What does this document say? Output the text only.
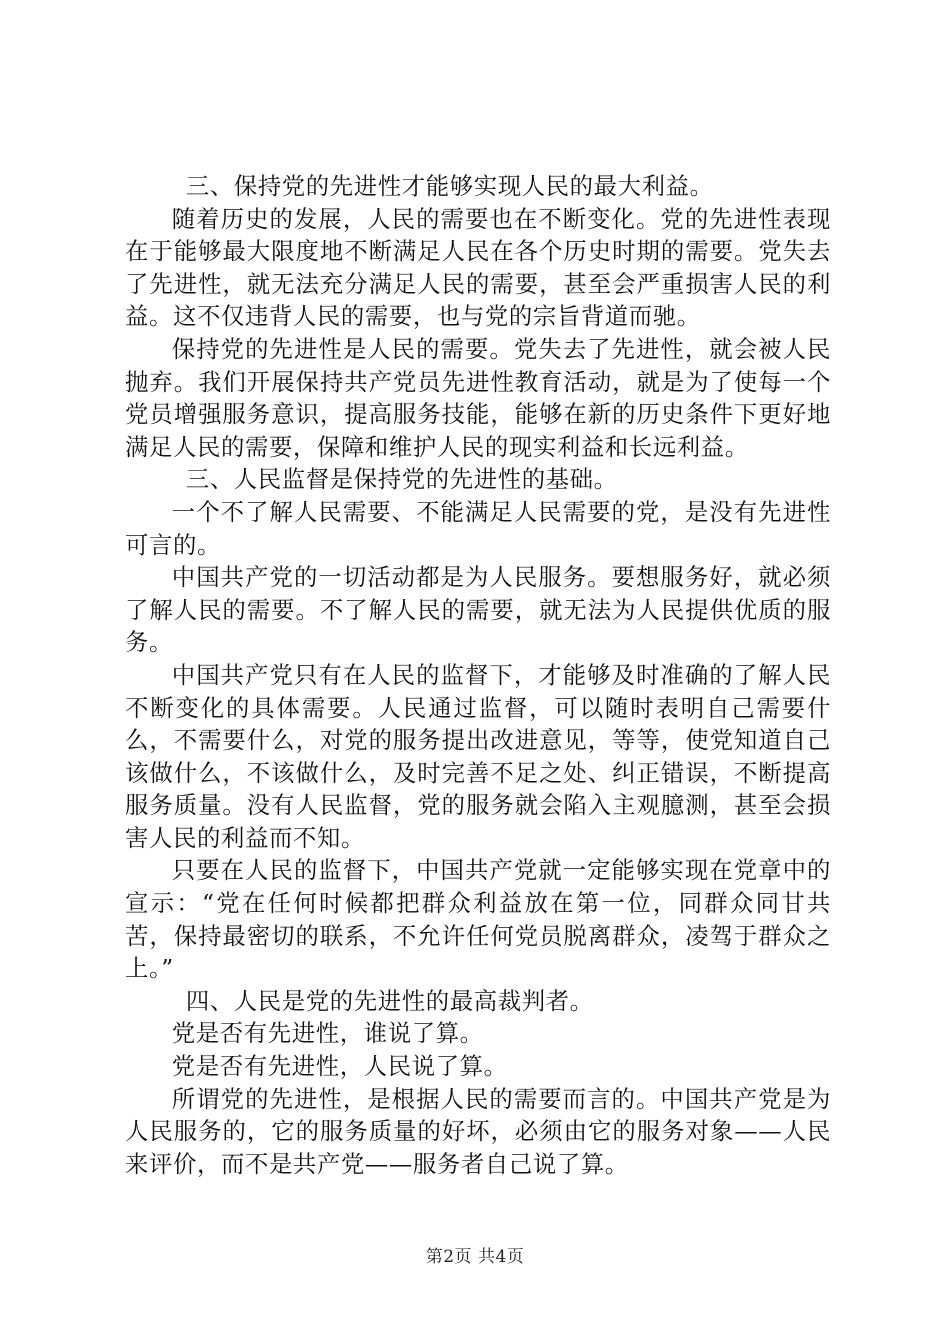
三、保持党的先进性才能够实现人民的最大利益。

随着历史的发展，人民的需要也在不断变化。党的先进性表现在于能够最大限度地不断满足人民在各个历史时期的需要。党失去了先进性，就无法充分满足人民的需要，甚至会严重损害人民的利益。这不仅违背人民的需要，也与党的宗旨背道而驰。

保持党的先进性是人民的需要。党失去了先进性，就会被人民抛弃。我们开展保持共产党员先进性教育活动，就是为了使每一个党员增强服务意识，提高服务技能，能够在新的历史条件下更好地满足人民的需要，保障和维护人民的现实利益和长远利益。

三、人民监督是保持党的先进性的基础。

一个不了解人民需要、不能满足人民需要的党，是没有先进性可言的。

中国共产党的一切活动都是为人民服务。要想服务好，就必须了解人民的需要。不了解人民的需要，就无法为人民提供优质的服务。

中国共产党只有在人民的监督下，才能够及时准确的了解人民不断变化的具体需要。人民通过监督，可以随时表明自己需要什么，不需要什么，对党的服务提出改进意见，等等，使党知道自己该做什么，不该做什么，及时完善不足之处、纠正错误，不断提高服务质量。没有人民监督，党的服务就会陷入主观臆测，甚至会损害人民的利益而不知。

只要在人民的监督下，中国共产党就一定能够实现在党章中的宣示：“党在任何时候都把群众利益放在第一位，同群众同甘共苦，保持最密切的联系，不允许任何党员脱离群众，凌驾于群众之上。”

四、人民是党的先进性的最高裁判者。

党是否有先进性，谁说了算。

党是否有先进性，人民说了算。

所谓党的先进性，是根据人民的需要而言的。中国共产党是为人民服务的，它的服务质量的好坏，必须由它的服务对象——人民来评价，而不是共产党——服务者自己说了算。

第2页 共4页
